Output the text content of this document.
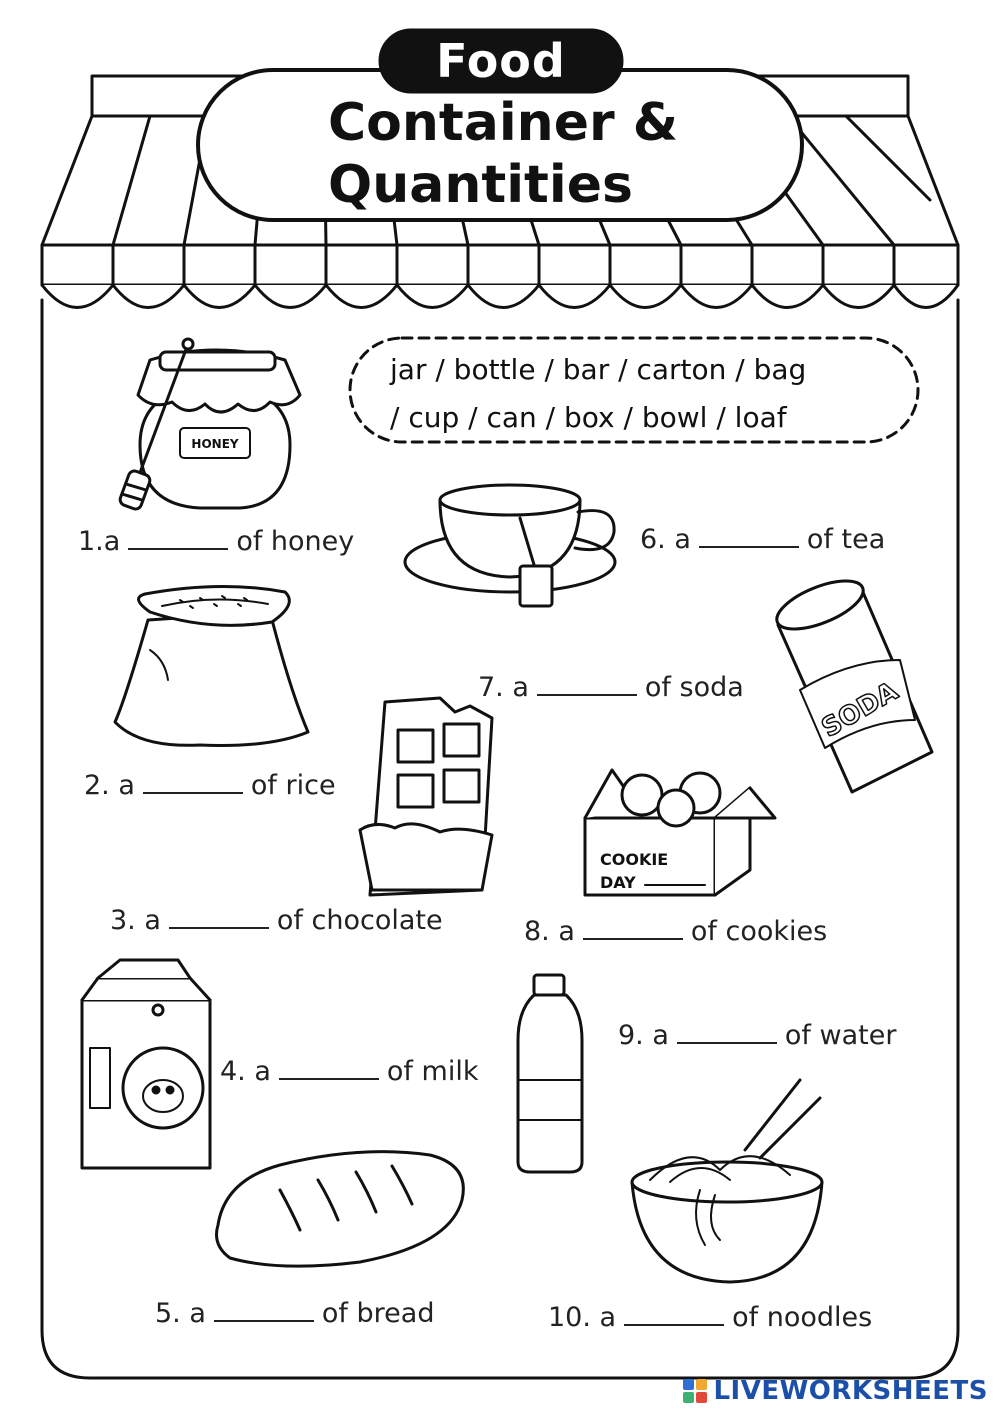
HONEY
SODA
COOKIE
DAY
Food
Container &
Quantities
jar / bottle / bar / carton / bag
/ cup / can / box / bowl / loaf
1.a	of honey
2. a	of rice
3. a	of chocolate
4. a	of milk
5. a	of bread
6. a	of tea
7. a	of soda
8. a	of cookies
9. a	of water
10. a	of noodles
LIVEWORKSHEETS
